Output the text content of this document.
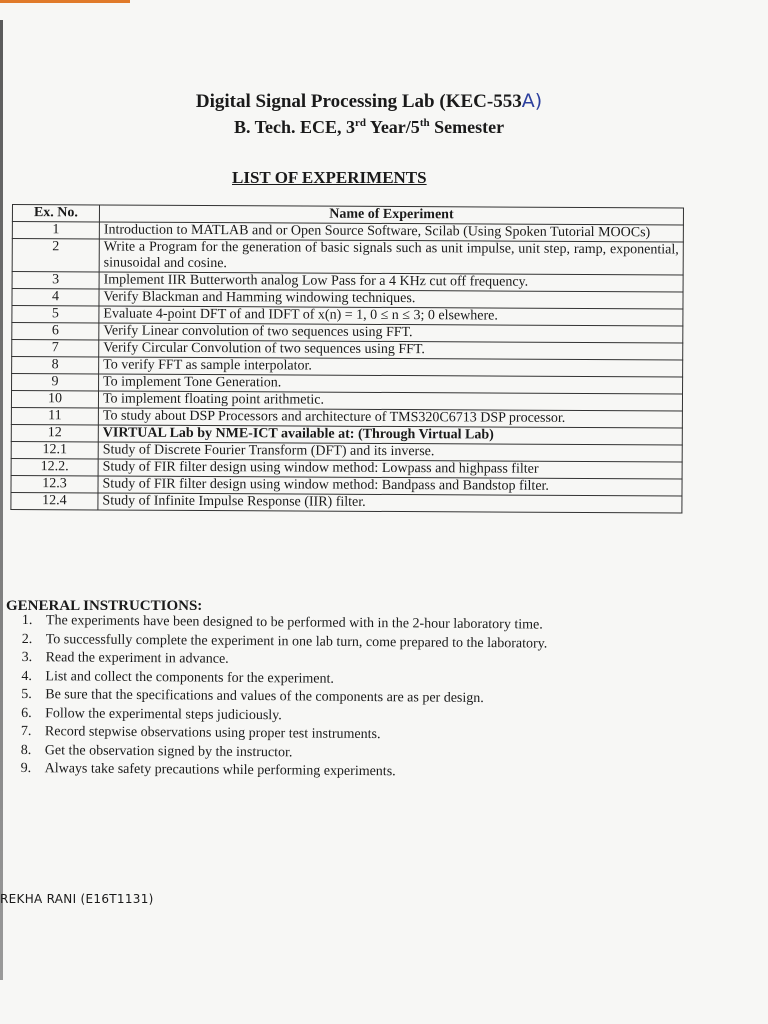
Digital Signal Processing Lab (KEC-553A)
B. Tech. ECE, 3rd Year/5th Semester
LIST OF EXPERIMENTS
Ex. No.	Name of Experiment
1	Introduction to MATLAB and or Open Source Software, Scilab (Using Spoken Tutorial MOOCs)
2	Write a Program for the generation of basic signals such as unit impulse, unit step, ramp, exponential, sinusoidal and cosine.
3	Implement IIR Butterworth analog Low Pass for a 4 KHz cut off frequency.
4	Verify Blackman and Hamming windowing techniques.
5	Evaluate 4-point DFT of and IDFT of x(n) = 1, 0 ≤ n ≤ 3; 0 elsewhere.
6	Verify Linear convolution of two sequences using FFT.
7	Verify Circular Convolution of two sequences using FFT.
8	To verify FFT as sample interpolator.
9	To implement Tone Generation.
10	To implement floating point arithmetic.
11	To study about DSP Processors and architecture of TMS320C6713 DSP processor.
12	VIRTUAL Lab by NME-ICT available at: (Through Virtual Lab)
12.1	Study of Discrete Fourier Transform (DFT) and its inverse.
12.2.	Study of FIR filter design using window method: Lowpass and highpass filter
12.3	Study of FIR filter design using window method: Bandpass and Bandstop filter.
12.4	Study of Infinite Impulse Response (IIR) filter.
GENERAL INSTRUCTIONS:
1. The experiments have been designed to be performed with in the 2-hour laboratory time.
2. To successfully complete the experiment in one lab turn, come prepared to the laboratory.
3. Read the experiment in advance.
4. List and collect the components for the experiment.
5. Be sure that the specifications and values of the components are as per design.
6. Follow the experimental steps judiciously.
7. Record stepwise observations using proper test instruments.
8. Get the observation signed by the instructor.
9. Always take safety precautions while performing experiments.
REKHA RANI (E16T1131)
